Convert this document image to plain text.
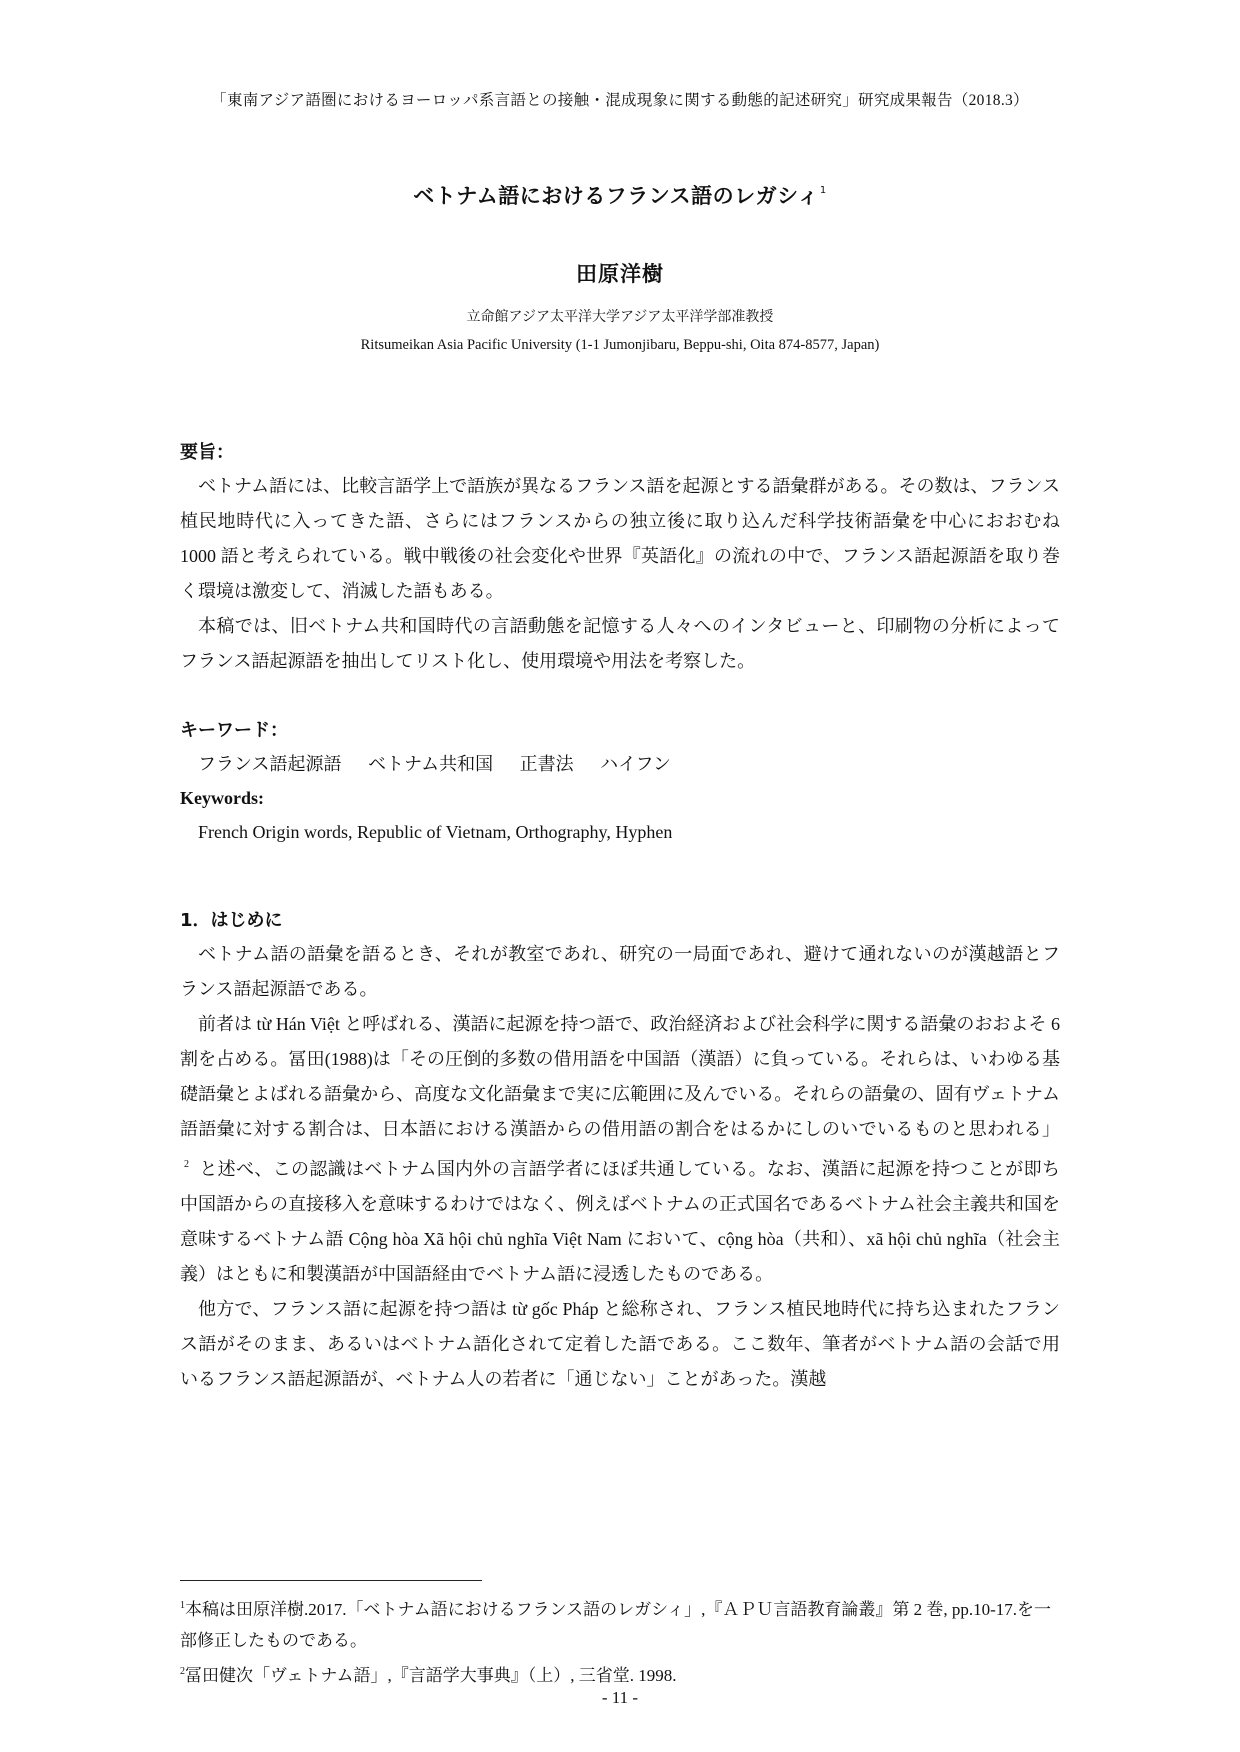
「東南アジア語圏におけるヨーロッパ系言語との接触・混成現象に関する動態的記述研究」研究成果報告（2018.3）
ベトナム語におけるフランス語のレガシィ$^1$
田原洋樹
立命館アジア太平洋大学アジア太平洋学部准教授
Ritsumeikan Asia Pacific University (1-1 Jumonjibaru, Beppu-shi, Oita 874-8577, Japan)
要旨：

ベトナム語には、比較言語学上で語族が異なるフランス語を起源とする語彙群がある。その数は、フランス植民地時代に入ってきた語、さらにはフランスからの独立後に取り込んだ科学技術語彙を中心におおむね 1000 語と考えられている。戦中戦後の社会変化や世界『英語化』の流れの中で、フランス語起源語を取り巻く環境は激変して、消滅した語もある。

本稿では、旧ベトナム共和国時代の言語動態を記憶する人々へのインタビューと、印刷物の分析によってフランス語起源語を抽出してリスト化し、使用環境や用法を考察した。

キーワード：
フランス語起源語 ベトナム共和国 正書法 ハイフン
Keywords:
French Origin words, Republic of Vietnam, Orthography, Hyphen
1．はじめに

ベトナム語の語彙を語るとき、それが教室であれ、研究の一局面であれ、避けて通れないのが漢越語とフランス語起源語である。

前者は từ Hán Việt と呼ばれる、漢語に起源を持つ語で、政治経済および社会科学に関する語彙のおおよそ 6 割を占める。冨田(1988)は「その圧倒的多数の借用語を中国語（漢語）に負っている。それらは、いわゆる基礎語彙とよばれる語彙から、高度な文化語彙まで実に広範囲に及んでいる。それらの語彙の、固有ヴェトナム語語彙に対する割合は、日本語における漢語からの借用語の割合をはるかにしのいでいるものと思われる」$^2$ と述べ、この認識はベトナム国内外の言語学者にほぼ共通している。なお、漢語に起源を持つことが即ち中国語からの直接移入を意味するわけではなく、例えばベトナムの正式国名であるベトナム社会主義共和国を意味するベトナム語 Cộng hòa Xã hội chủ nghĩa Việt Nam において、cộng hòa（共和）、xã hội chủ nghĩa（社会主義）はともに和製漢語が中国語経由でベトナム語に浸透したものである。

他方で、フランス語に起源を持つ語は từ gốc Pháp と総称され、フランス植民地時代に持ち込まれたフランス語がそのまま、あるいはベトナム語化されて定着した語である。ここ数年、筆者がベトナム語の会話で用いるフランス語起源語が、ベトナム人の若者に「通じない」ことがあった。漢越

$^1$本稿は田原洋樹.2017.「ベトナム語におけるフランス語のレガシィ」,『ＡＰＵ言語教育論叢』第 2 巻, pp.10-17.を一部修正したものである。
$^2$冨田健次「ヴェトナム語」,『言語学大事典』（上）, 三省堂. 1998.
- 11 -
